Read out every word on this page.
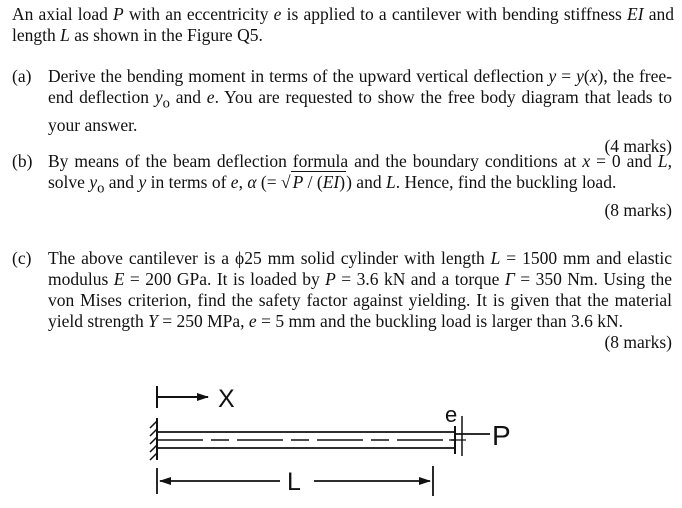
An axial load P with an eccentricity e is applied to a cantilever with bending stiffness EI and length L as shown in the Figure Q5.
(a) Derive the bending moment in terms of the upward vertical deflection y = y(x), the free-end deflection $y_o$ and e. You are requested to show the free body diagram that leads to your answer.
(4 marks)
(b) By means of the beam deflection formula and the boundary conditions at x = 0 and L, solve $y_o$ and y in terms of e, α (= √ P / (EI)) and L. Hence, find the buckling load.
(8 marks)
(c) The above cantilever is a ϕ25 mm solid cylinder with length L = 1500 mm and elastic modulus E = 200 GPa. It is loaded by P = 3.6 kN and a torque Γ = 350 Nm. Using the von Mises criterion, find the safety factor against yielding. It is given that the material yield strength Y = 250 MPa, e = 5 mm and the buckling load is larger than 3.6 kN.
(8 marks)
X
e
P
L
